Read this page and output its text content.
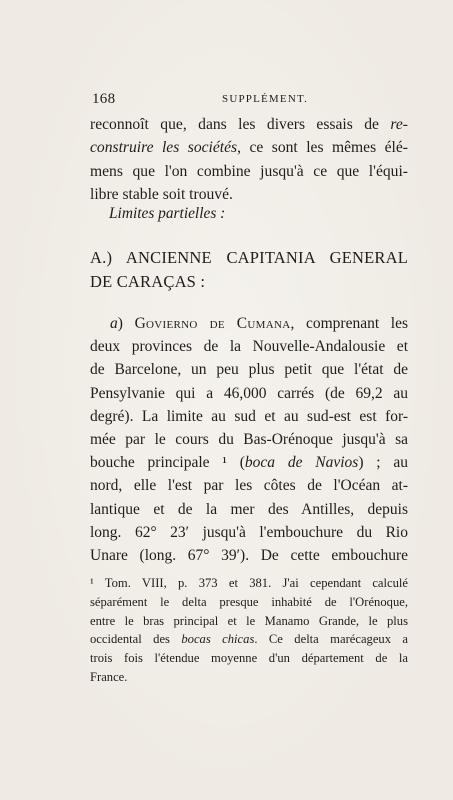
168	SUPPLÉMENT.
reconnoît que, dans les divers essais de re-
construire les sociétés, ce sont les mêmes élé-
mens que l'on combine jusqu'à ce que l'équi-
libre stable soit trouvé.
Limites partielles :
A.) ANCIENNE CAPITANIA GENERAL
DE CARAÇAS :
a) Goviern​o de Cumana, comprenant les
deux provinces de la Nouvelle-Andalousie et
de Barcelone, un peu plus petit que l'état de
Pensylvanie qui a 46,000 carrés (de 69,2 au
degré). La limite au sud et au sud-est est for-
mée par le cours du Bas-Orénoque jusqu'à sa
bouche principale ¹ (boca de Navios) ; au
nord, elle l'est par les côtes de l'Océan at-
lantique et de la mer des Antilles, depuis
long. 62° 23′ jusqu'à l'embouchure du Rio
Unare (long. 67° 39′). De cette embouchure
¹ Tom. VIII, p. 373 et 381. J'ai cependant calculé
séparément le delta presque inhabité de l'Orénoque,
entre le bras principal et le Manamo Grande, le plus
occidental des bocas chicas. Ce delta marécageux a
trois fois l'étendue moyenne d'un département de la
France.
